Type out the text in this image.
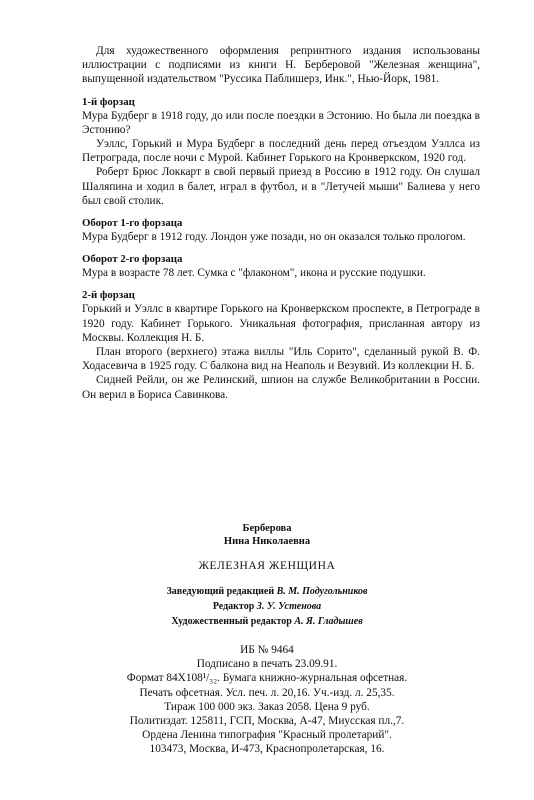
Для художественного оформления репринтного издания использованы иллюстрации с подписями из книги Н. Берберовой "Железная женщина", выпущенной издательством "Руссика Паблишерз, Инк.", Нью-Йорк, 1981.

1-й форзац

Мура Будберг в 1918 году, до или после поездки в Эстонию. Но была ли поездка в Эстонию?

Уэллс, Горький и Мура Будберг в последний день перед отъездом Уэллса из Петрограда, после ночи с Мурой. Кабинет Горького на Кронверкском, 1920 год.

Роберт Брюс Локкарт в свой первый приезд в Россию в 1912 году. Он слушал Шаляпина и ходил в балет, играл в футбол, и в "Летучей мыши" Балиева у него был свой столик.

Оборот 1-го форзаца

Мура Будберг в 1912 году. Лондон уже позади, но он оказался только прологом.

Оборот 2-го форзаца

Мура в возрасте 78 лет. Сумка с "флаконом", икона и русские подушки.

2-й форзац

Горький и Уэллс в квартире Горького на Кронверкском проспекте, в Петрограде в 1920 году. Кабинет Горького. Уникальная фотография, присланная автору из Москвы. Коллекция Н. Б.

План второго (верхнего) этажа виллы "Иль Сорито", сделанный рукой В. Ф. Ходасевича в 1925 году. С балкона вид на Неаполь и Везувий. Из коллекции Н. Б.

Сидней Рейли, он же Релинский, шпион на службе Великобритании в России. Он верил в Бориса Савинкова.

Берберова
Нина Николаевна
ЖЕЛЕЗНАЯ ЖЕНЩИНА
Заведующий редакцией В. М. Подугольников
Редактор З. У. Устенова
Художественный редактор А. Я. Гладышев
ИБ № 9464
Подписано в печать 23.09.91.
Формат 84X108¹/₃₂. Бумага книжно-журнальная офсетная.
Печать офсетная. Усл. печ. л. 20,16. Уч.-изд. л. 25,35.
Тираж 100 000 экз. Заказ 2058. Цена 9 руб.
Политиздат. 125811, ГСП, Москва, А-47, Миусская пл.,7.
Ордена Ленина типография "Красный пролетарий".
103473, Москва, И-473, Краснопролетарская, 16.
